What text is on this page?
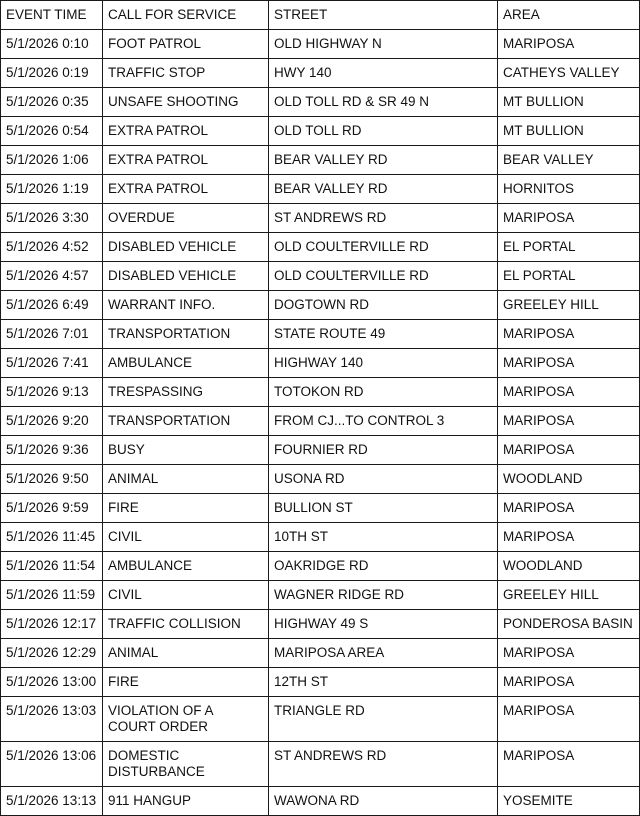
EVENT TIME	CALL FOR SERVICE	STREET	AREA
5/1/2026 0:10	FOOT PATROL	OLD HIGHWAY N	MARIPOSA
5/1/2026 0:19	TRAFFIC STOP	HWY 140	CATHEYS VALLEY
5/1/2026 0:35	UNSAFE SHOOTING	OLD TOLL RD & SR 49 N	MT BULLION
5/1/2026 0:54	EXTRA PATROL	OLD TOLL RD	MT BULLION
5/1/2026 1:06	EXTRA PATROL	BEAR VALLEY RD	BEAR VALLEY
5/1/2026 1:19	EXTRA PATROL	BEAR VALLEY RD	HORNITOS
5/1/2026 3:30	OVERDUE	ST ANDREWS RD	MARIPOSA
5/1/2026 4:52	DISABLED VEHICLE	OLD COULTERVILLE RD	EL PORTAL
5/1/2026 4:57	DISABLED VEHICLE	OLD COULTERVILLE RD	EL PORTAL
5/1/2026 6:49	WARRANT INFO.	DOGTOWN RD	GREELEY HILL
5/1/2026 7:01	TRANSPORTATION	STATE ROUTE 49	MARIPOSA
5/1/2026 7:41	AMBULANCE	HIGHWAY 140	MARIPOSA
5/1/2026 9:13	TRESPASSING	TOTOKON RD	MARIPOSA
5/1/2026 9:20	TRANSPORTATION	FROM CJ...TO CONTROL 3	MARIPOSA
5/1/2026 9:36	BUSY	FOURNIER RD	MARIPOSA
5/1/2026 9:50	ANIMAL	USONA RD	WOODLAND
5/1/2026 9:59	FIRE	BULLION ST	MARIPOSA
5/1/2026 11:45	CIVIL	10TH ST	MARIPOSA
5/1/2026 11:54	AMBULANCE	OAKRIDGE RD	WOODLAND
5/1/2026 11:59	CIVIL	WAGNER RIDGE RD	GREELEY HILL
5/1/2026 12:17	TRAFFIC COLLISION	HIGHWAY 49 S	PONDEROSA BASIN
5/1/2026 12:29	ANIMAL	MARIPOSA AREA	MARIPOSA
5/1/2026 13:00	FIRE	12TH ST	MARIPOSA
5/1/2026 13:03	VIOLATION OF A COURT ORDER	TRIANGLE RD	MARIPOSA
5/1/2026 13:06	DOMESTIC DISTURBANCE	ST ANDREWS RD	MARIPOSA
5/1/2026 13:13	911 HANGUP	WAWONA RD	YOSEMITE
